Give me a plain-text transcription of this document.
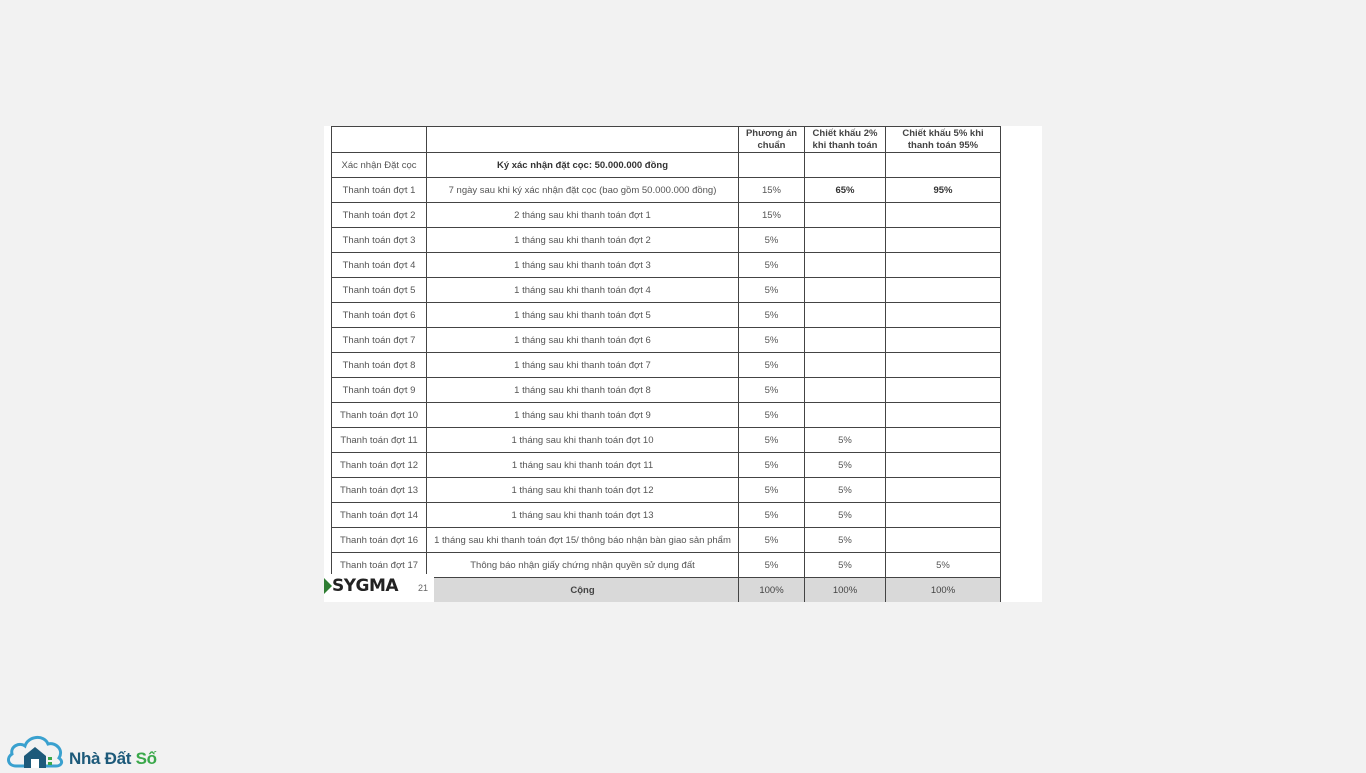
		Phương án chuẩn	Chiết khấu 2% khi thanh toán	Chiết khấu 5% khi thanh toán 95%
Xác nhận Đặt cọc	Ký xác nhận đặt cọc: 50.000.000 đồng			
Thanh toán đợt 1	7 ngày sau khi ký xác nhận đặt cọc (bao gồm 50.000.000 đồng)	15%	65%	95%
Thanh toán đợt 2	2 tháng sau khi thanh toán đợt 1	15%		
Thanh toán đợt 3	1 tháng sau khi thanh toán đợt 2	5%		
Thanh toán đợt 4	1 tháng sau khi thanh toán đợt 3	5%		
Thanh toán đợt 5	1 tháng sau khi thanh toán đợt 4	5%		
Thanh toán đợt 6	1 tháng sau khi thanh toán đợt 5	5%		
Thanh toán đợt 7	1 tháng sau khi thanh toán đợt 6	5%		
Thanh toán đợt 8	1 tháng sau khi thanh toán đợt 7	5%		
Thanh toán đợt 9	1 tháng sau khi thanh toán đợt 8	5%		
Thanh toán đợt 10	1 tháng sau khi thanh toán đợt 9	5%		
Thanh toán đợt 11	1 tháng sau khi thanh toán đợt 10	5%	5%	
Thanh toán đợt 12	1 tháng sau khi thanh toán đợt 11	5%	5%	
Thanh toán đợt 13	1 tháng sau khi thanh toán đợt 12	5%	5%	
Thanh toán đợt 14	1 tháng sau khi thanh toán đợt 13	5%	5%	
Thanh toán đợt 16	1 tháng sau khi thanh toán đợt 15/ thông báo nhận bàn giao sản phẩm	5%	5%	
Thanh toán đợt 17	Thông báo nhận giấy chứng nhận quyền sử dụng đất	5%	5%	5%
	Cộng	100%	100%	100%
SYGMA 21
Nhà Đất Số
